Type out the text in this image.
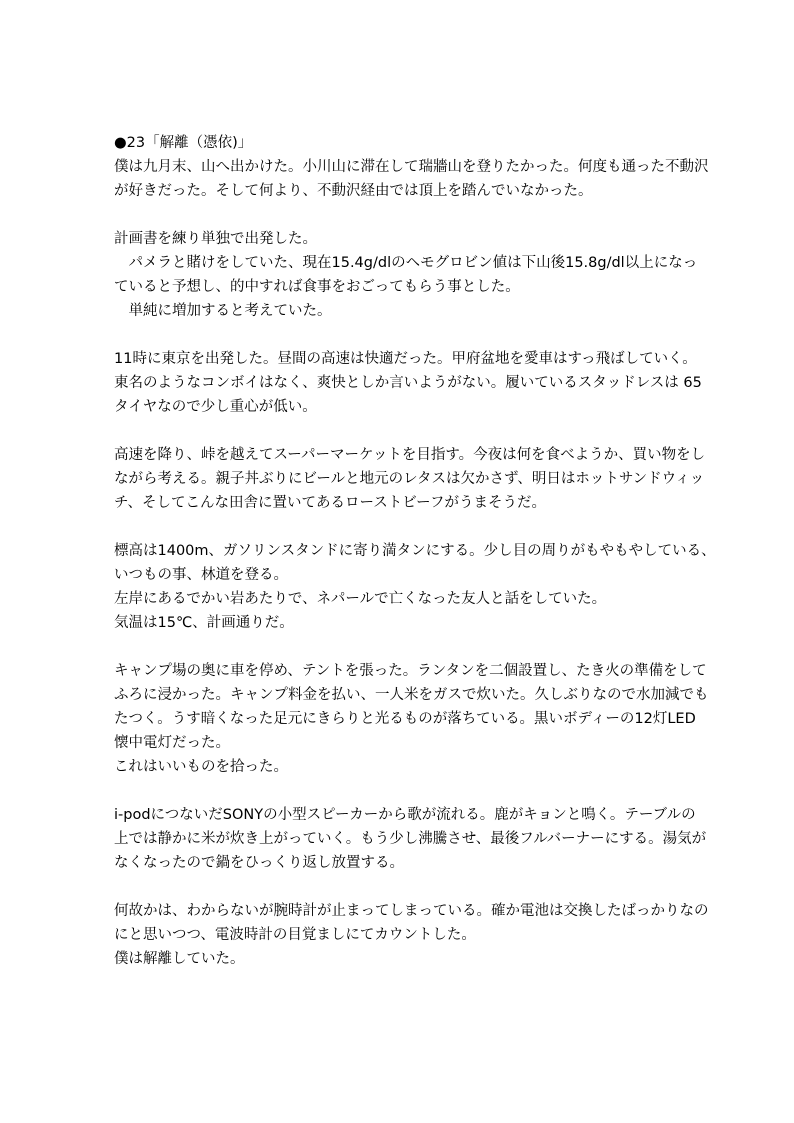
●23「解離（憑依)」
僕は九月末、山へ出かけた。小川山に滞在して瑞牆山を登りたかった。何度も通った不動沢
が好きだった。そして何より、不動沢経由では頂上を踏んでいなかった。
計画書を練り単独で出発した。
　パメラと賭けをしていた、現在15.4g/dlのヘモグロビン値は下山後15.8g/dl以上になっ
ていると予想し、的中すれば食事をおごってもらう事とした。
　単純に増加すると考えていた。
11時に東京を出発した。昼間の高速は快適だった。甲府盆地を愛車はすっ飛ばしていく。
東名のようなコンボイはなく、爽快としか言いようがない。履いているスタッドレスは 65
タイヤなので少し重心が低い。
高速を降り、峠を越えてスーパーマーケットを目指す。今夜は何を食べようか、買い物をし
ながら考える。親子丼ぶりにビールと地元のレタスは欠かさず、明日はホットサンドウィッ
チ、そしてこんな田舎に置いてあるローストビーフがうまそうだ。
標高は1400m、ガソリンスタンドに寄り満タンにする。少し目の周りがもやもやしている、
いつもの事、林道を登る。
左岸にあるでかい岩あたりで、ネパールで亡くなった友人と話をしていた。
気温は15℃、計画通りだ。
キャンプ場の奥に車を停め、テントを張った。ランタンを二個設置し、たき火の準備をして
ふろに浸かった。キャンプ料金を払い、一人米をガスで炊いた。久しぶりなので水加減でも
たつく。うす暗くなった足元にきらりと光るものが落ちている。黒いボディーの12灯LED
懐中電灯だった。
これはいいものを拾った。
i-podにつないだSONYの小型スピーカーから歌が流れる。鹿がキョンと鳴く。テーブルの
上では静かに米が炊き上がっていく。もう少し沸騰させ、最後フルバーナーにする。湯気が
なくなったので鍋をひっくり返し放置する。
何故かは、わからないが腕時計が止まってしまっている。確か電池は交換したばっかりなの
にと思いつつ、電波時計の目覚ましにてカウントした。
僕は解離していた。
